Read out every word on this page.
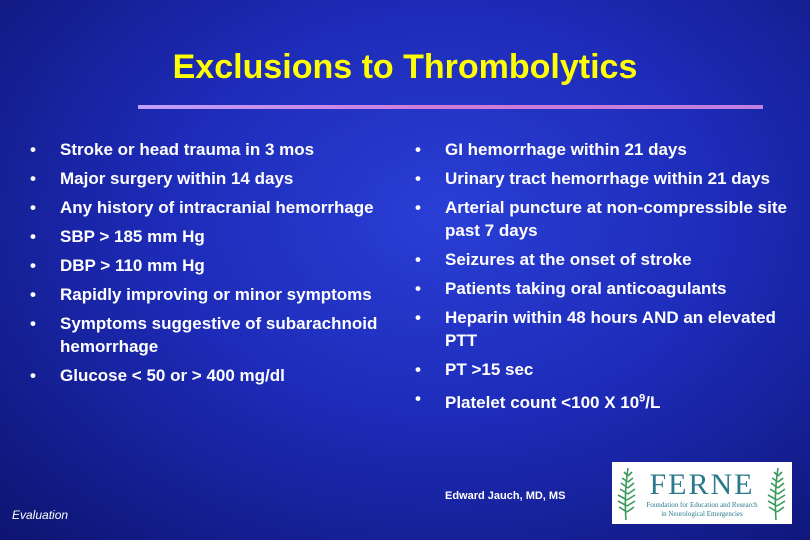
Exclusions to Thrombolytics
• Stroke or head trauma in 3 mos
• Major surgery within 14 days
• Any history of intracranial hemorrhage
• SBP > 185 mm Hg
• DBP > 110 mm Hg
• Rapidly improving or minor symptoms
• Symptoms suggestive of subarachnoid hemorrhage
• Glucose < 50 or > 400 mg/dl
• GI hemorrhage within 21 days
• Urinary tract hemorrhage within 21 days
• Arterial puncture at non-compressible site past 7 days
• Seizures at the onset of stroke
• Patients taking oral anticoagulants
• Heparin within 48 hours AND an elevated PTT
• PT >15 sec
• Platelet count <100 X $10^9/L$
Edward Jauch, MD, MS
Evaluation
FERNE
Foundation for Education and Research
in Neurological Emergencies
